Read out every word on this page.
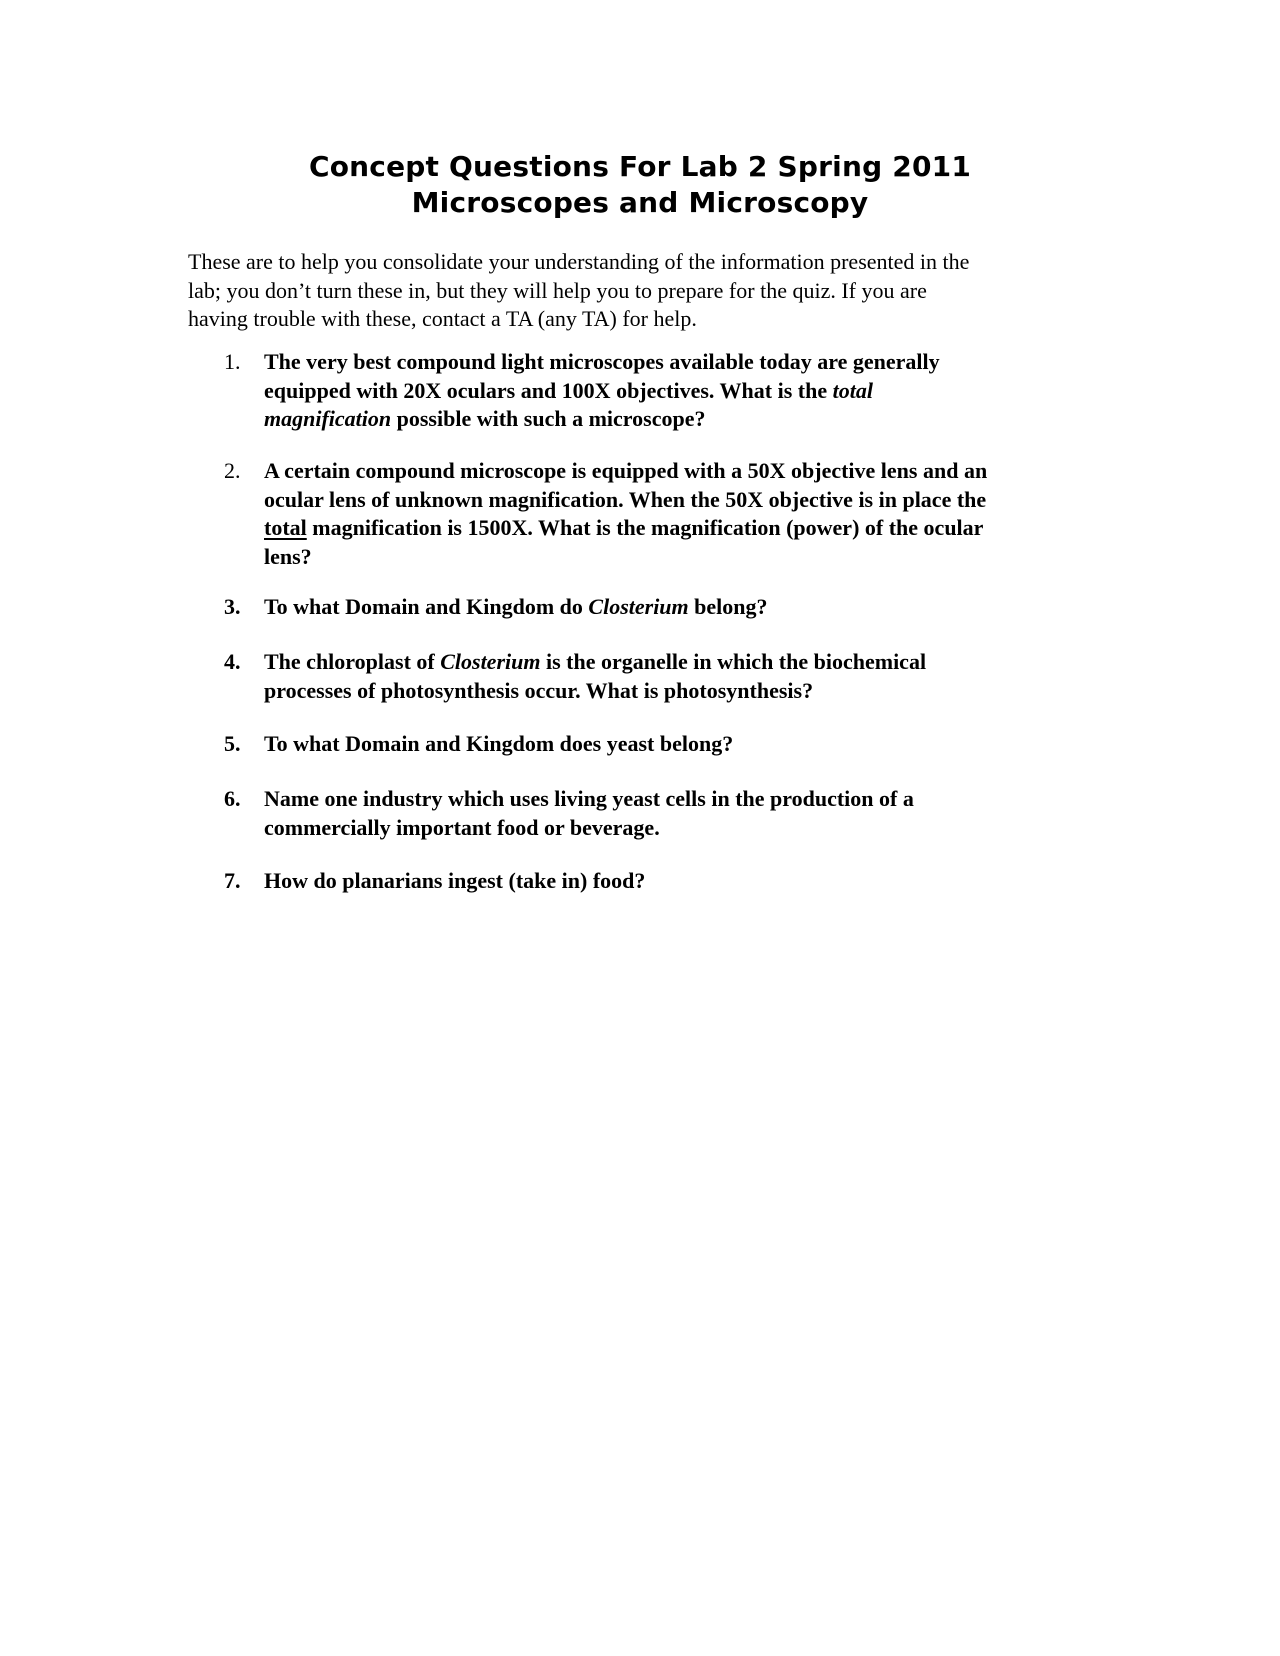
Concept Questions For Lab 2 Spring 2011
Microscopes and Microscopy
These are to help you consolidate your understanding of the information presented in the
lab; you don’t turn these in, but they will help you to prepare for the quiz. If you are
having trouble with these, contact a TA (any TA) for help.
1.	The very best compound light microscopes available today are generally
equipped with 20X oculars and 100X objectives. What is the total
magnification possible with such a microscope?
2.	A certain compound microscope is equipped with a 50X objective lens and an
ocular lens of unknown magnification. When the 50X objective is in place the
total magnification is 1500X. What is the magnification (power) of the ocular
lens?
3.	To what Domain and Kingdom do Closterium belong?
4.	The chloroplast of Closterium is the organelle in which the biochemical
processes of photosynthesis occur. What is photosynthesis?
5.	To what Domain and Kingdom does yeast belong?
6.	Name one industry which uses living yeast cells in the production of a
commercially important food or beverage.
7.	How do planarians ingest (take in) food?
